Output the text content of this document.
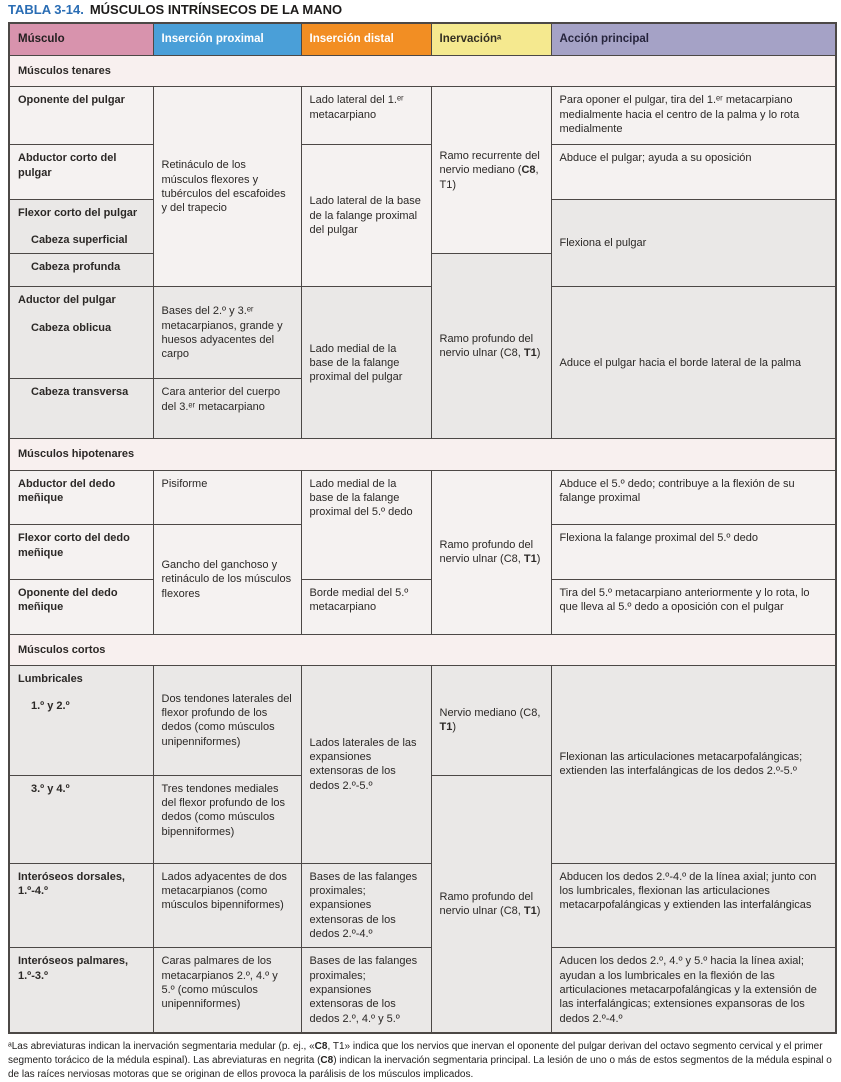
TABLA 3-14. MÚSCULOS INTRÍNSECOS DE LA MANO
Músculo	Inserción proximal	Inserción distal	Inervaciónᵃ	Acción principal
Músculos tenares				

Oponente del pulgar	Retináculo de los músculos flexores y tubérculos del escafoides y del trapecio	Lado lateral del 1.ᵉʳ metacarpiano	Ramo recurrente del nervio mediano (C8, T1)	Para oponer el pulgar, tira del 1.ᵉʳ metacarpiano medialmente hacia el centro de la palma y lo rota medialmente

Abductor corto del pulgar		Lado lateral de la base de la falange proximal del pulgar		Abduce el pulgar; ayuda a su oposición

Flexor corto del pulgar
Cabeza superficial				Flexiona el pulgar

Cabeza profunda			Ramo profundo del nervio ulnar (C8, T1)	

Aductor del pulgar
Cabeza oblicua	Bases del 2.º y 3.ᵉʳ metacarpianos, grande y huesos adyacentes del carpo	Lado medial de la base de la falange proximal del pulgar		Aduce el pulgar hacia el borde lateral de la palma

Cabeza transversa	Cara anterior del cuerpo del 3.ᵉʳ metacarpiano			
Músculos hipotenares				

Abductor del dedo meñique	Pisiforme	Lado medial de la base de la falange proximal del 5.º dedo	Ramo profundo del nervio ulnar (C8, T1)	Abduce el 5.º dedo; contribuye a la flexión de su falange proximal

Flexor corto del dedo meñique	Gancho del ganchoso y retináculo de los músculos flexores			Flexiona la falange proximal del 5.º dedo

Oponente del dedo meñique		Borde medial del 5.º metacarpiano		Tira del 5.º metacarpiano anteriormente y lo rota, lo que lleva al 5.º dedo a oposición con el pulgar
Músculos cortos				

Lumbricales
1.º y 2.º	Dos tendones laterales del flexor profundo de los dedos (como músculos unipenniformes)	Lados laterales de las expansiones extensoras de los dedos 2.º-5.º	Nervio mediano (C8, T1)	Flexionan las articulaciones metacarpofalángicas; extienden las interfalángicas de los dedos 2.º-5.º

3.º y 4.º	Tres tendones mediales del flexor profundo de los dedos (como músculos bipenniformes)		Ramo profundo del nervio ulnar (C8, T1)	

Interóseos dorsales, 1.º-4.º	Lados adyacentes de dos metacarpianos (como músculos bipenniformes)	Bases de las falanges proximales; expansiones extensoras de los dedos 2.º-4.º		Abducen los dedos 2.º-4.º de la línea axial; junto con los lumbricales, flexionan las articulaciones metacarpofalángicas y extienden las interfalángicas

Interóseos palmares, 1.º-3.º	Caras palmares de los metacarpianos 2.º, 4.º y 5.º (como músculos unipenniformes)	Bases de las falanges proximales; expansiones extensoras de los dedos 2.º, 4.º y 5.º		Aducen los dedos 2.º, 4.º y 5.º hacia la línea axial; ayudan a los lumbricales en la flexión de las articulaciones metacarpofalángicas y la extensión de las interfalángicas; extensiones expansoras de los dedos 2.º-4.º
ᵃLas abreviaturas indican la inervación segmentaria medular (p. ej., «C8, T1» indica que los nervios que inervan el oponente del pulgar derivan del octavo segmento cervical y el primer segmento torácico de la médula espinal). Las abreviaturas en negrita (C8) indican la inervación segmentaria principal. La lesión de uno o más de estos segmentos de la médula espinal o de las raíces nerviosas motoras que se originan de ellos provoca la parálisis de los músculos implicados.
